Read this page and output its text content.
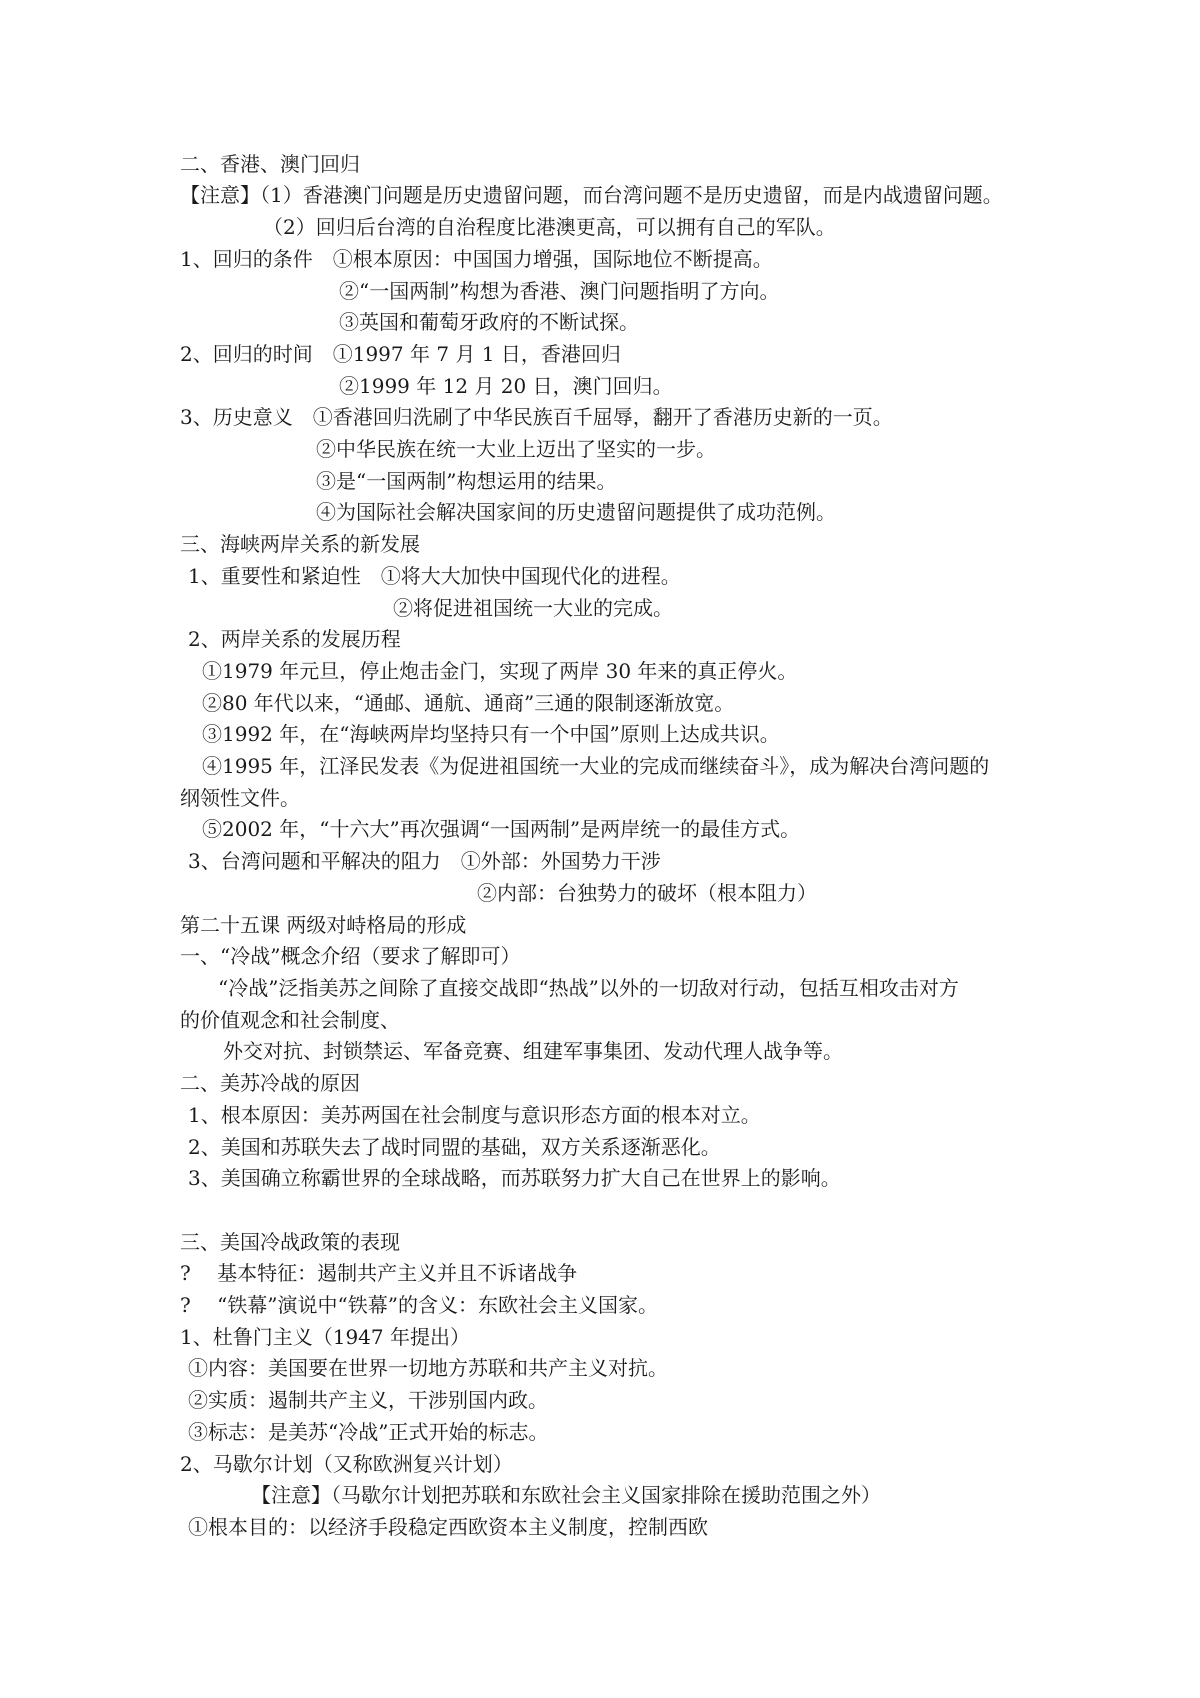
二、香港、澳门回归

【注意】（1）香港澳门问题是历史遗留问题，而台湾问题不是历史遗留，而是内战遗留问题。

（2）回归后台湾的自治程度比港澳更高，可以拥有自己的军队。

1、回归的条件　①根本原因：中国国力增强，国际地位不断提高。

②“一国两制”构想为香港、澳门问题指明了方向。

③英国和葡萄牙政府的不断试探。

2、回归的时间　①1997 年 7 月 1 日，香港回归

②1999 年 12 月 20 日，澳门回归。

3、历史意义　①香港回归洗刷了中华民族百千屈辱，翻开了香港历史新的一页。

②中华民族在统一大业上迈出了坚实的一步。

③是“一国两制”构想运用的结果。

④为国际社会解决国家间的历史遗留问题提供了成功范例。

三、海峡两岸关系的新发展

1、重要性和紧迫性　①将大大加快中国现代化的进程。

②将促进祖国统一大业的完成。

2、两岸关系的发展历程

①1979 年元旦，停止炮击金门，实现了两岸 30 年来的真正停火。

②80 年代以来，“通邮、通航、通商”三通的限制逐渐放宽。

③1992 年，在“海峡两岸均坚持只有一个中国”原则上达成共识。

④1995 年，江泽民发表《为促进祖国统一大业的完成而继续奋斗》，成为解决台湾问题的

纲领性文件。

⑤2002 年，“十六大”再次强调“一国两制”是两岸统一的最佳方式。

3、台湾问题和平解决的阻力　①外部：外国势力干涉

②内部：台独势力的破坏（根本阻力）

第二十五课 两级对峙格局的形成

一、“冷战”概念介绍（要求了解即可）

“冷战”泛指美苏之间除了直接交战即“热战”以外的一切敌对行动，包括互相攻击对方

的价值观念和社会制度、

外交对抗、封锁禁运、军备竞赛、组建军事集团、发动代理人战争等。

二、美苏冷战的原因

1、根本原因：美苏两国在社会制度与意识形态方面的根本对立。

2、美国和苏联失去了战时同盟的基础，双方关系逐渐恶化。

3、美国确立称霸世界的全球战略，而苏联努力扩大自己在世界上的影响。

三、美国冷战政策的表现

?　 基本特征：遏制共产主义并且不诉诸战争

?　 “铁幕”演说中“铁幕”的含义：东欧社会主义国家。

1、杜鲁门主义（1947 年提出）

①内容：美国要在世界一切地方苏联和共产主义对抗。

②实质：遏制共产主义，干涉别国内政。

③标志：是美苏“冷战”正式开始的标志。

2、马歇尔计划（又称欧洲复兴计划）

【注意】（马歇尔计划把苏联和东欧社会主义国家排除在援助范围之外）

①根本目的：以经济手段稳定西欧资本主义制度，控制西欧
